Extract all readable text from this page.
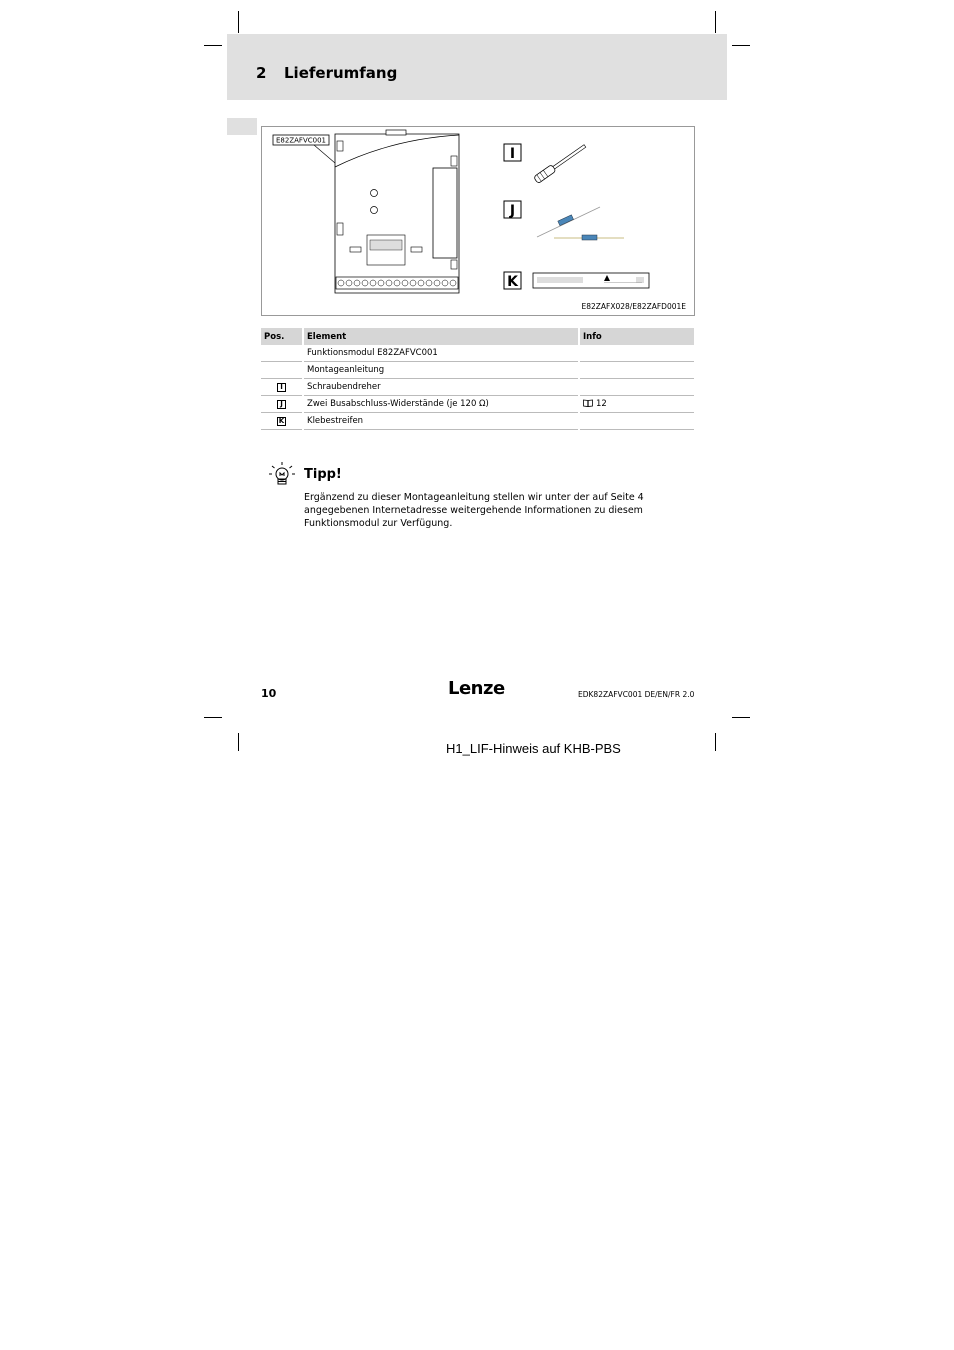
2 Lieferumfang
E82ZAFVC001
I
J
K
E82ZAFX028/E82ZAFD001E
Pos.	Element	Info
	Funktionsmodul E82ZAFVC001	
	Montageanleitung	
I	Schraubendreher	
J	Zwei Busabschluss-Widerstände (je 120 Ω)	12
K	Klebestreifen	
Tipp!
Ergänzend zu dieser Montageanleitung stellen wir unter der auf Seite 4 angegebenen Internetadresse weitergehende Informationen zu diesem Funktionsmodul zur Verfügung.
10	Lenze	EDK82ZAFVC001 DE/EN/FR 2.0
H1_LIF-Hinweis auf KHB-PBS
